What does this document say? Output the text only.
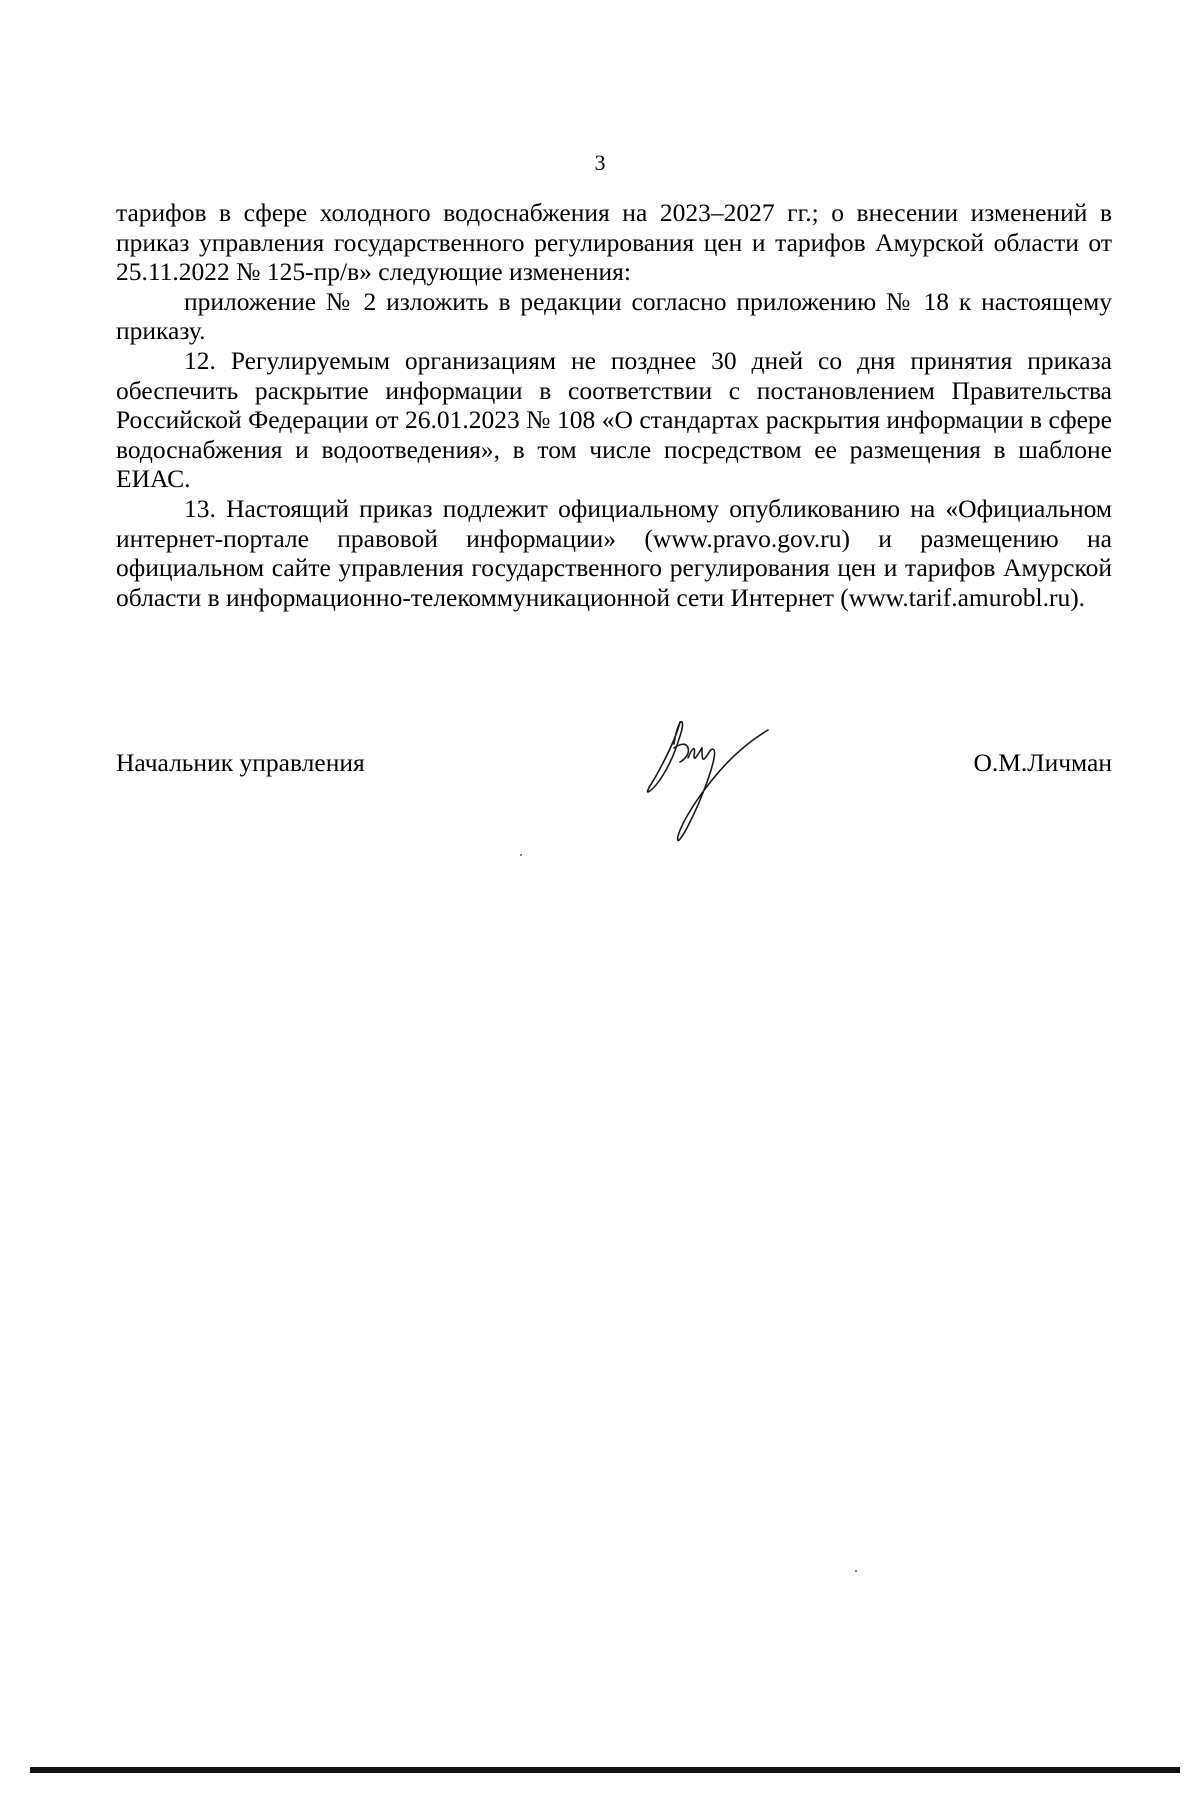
3

тарифов в сфере холодного водоснабжения на 2023–2027 гг.; о внесении изменений в приказ управления государственного регулирования цен и тарифов Амурской области от 25.11.2022 № 125-пр/в» следующие изменения:

приложение № 2 изложить в редакции согласно приложению № 18 к настоящему приказу.

12. Регулируемым организациям не позднее 30 дней со дня принятия приказа обеспечить раскрытие информации в соответствии с постановлением Правительства Российской Федерации от 26.01.2023 № 108 «О стандартах раскрытия информации в сфере водоснабжения и водоотведения», в том числе посредством ее размещения в шаблоне ЕИАС.

13. Настоящий приказ подлежит официальному опубликованию на «Официальном интернет-портале правовой информации» (www.pravo.gov.ru) и размещению на официальном сайте управления государственного регулирования цен и тарифов Амурской области в информационно-телекоммуникационной сети Интернет (www.tarif.amurobl.ru).

Начальник управления	О.М.Личман
